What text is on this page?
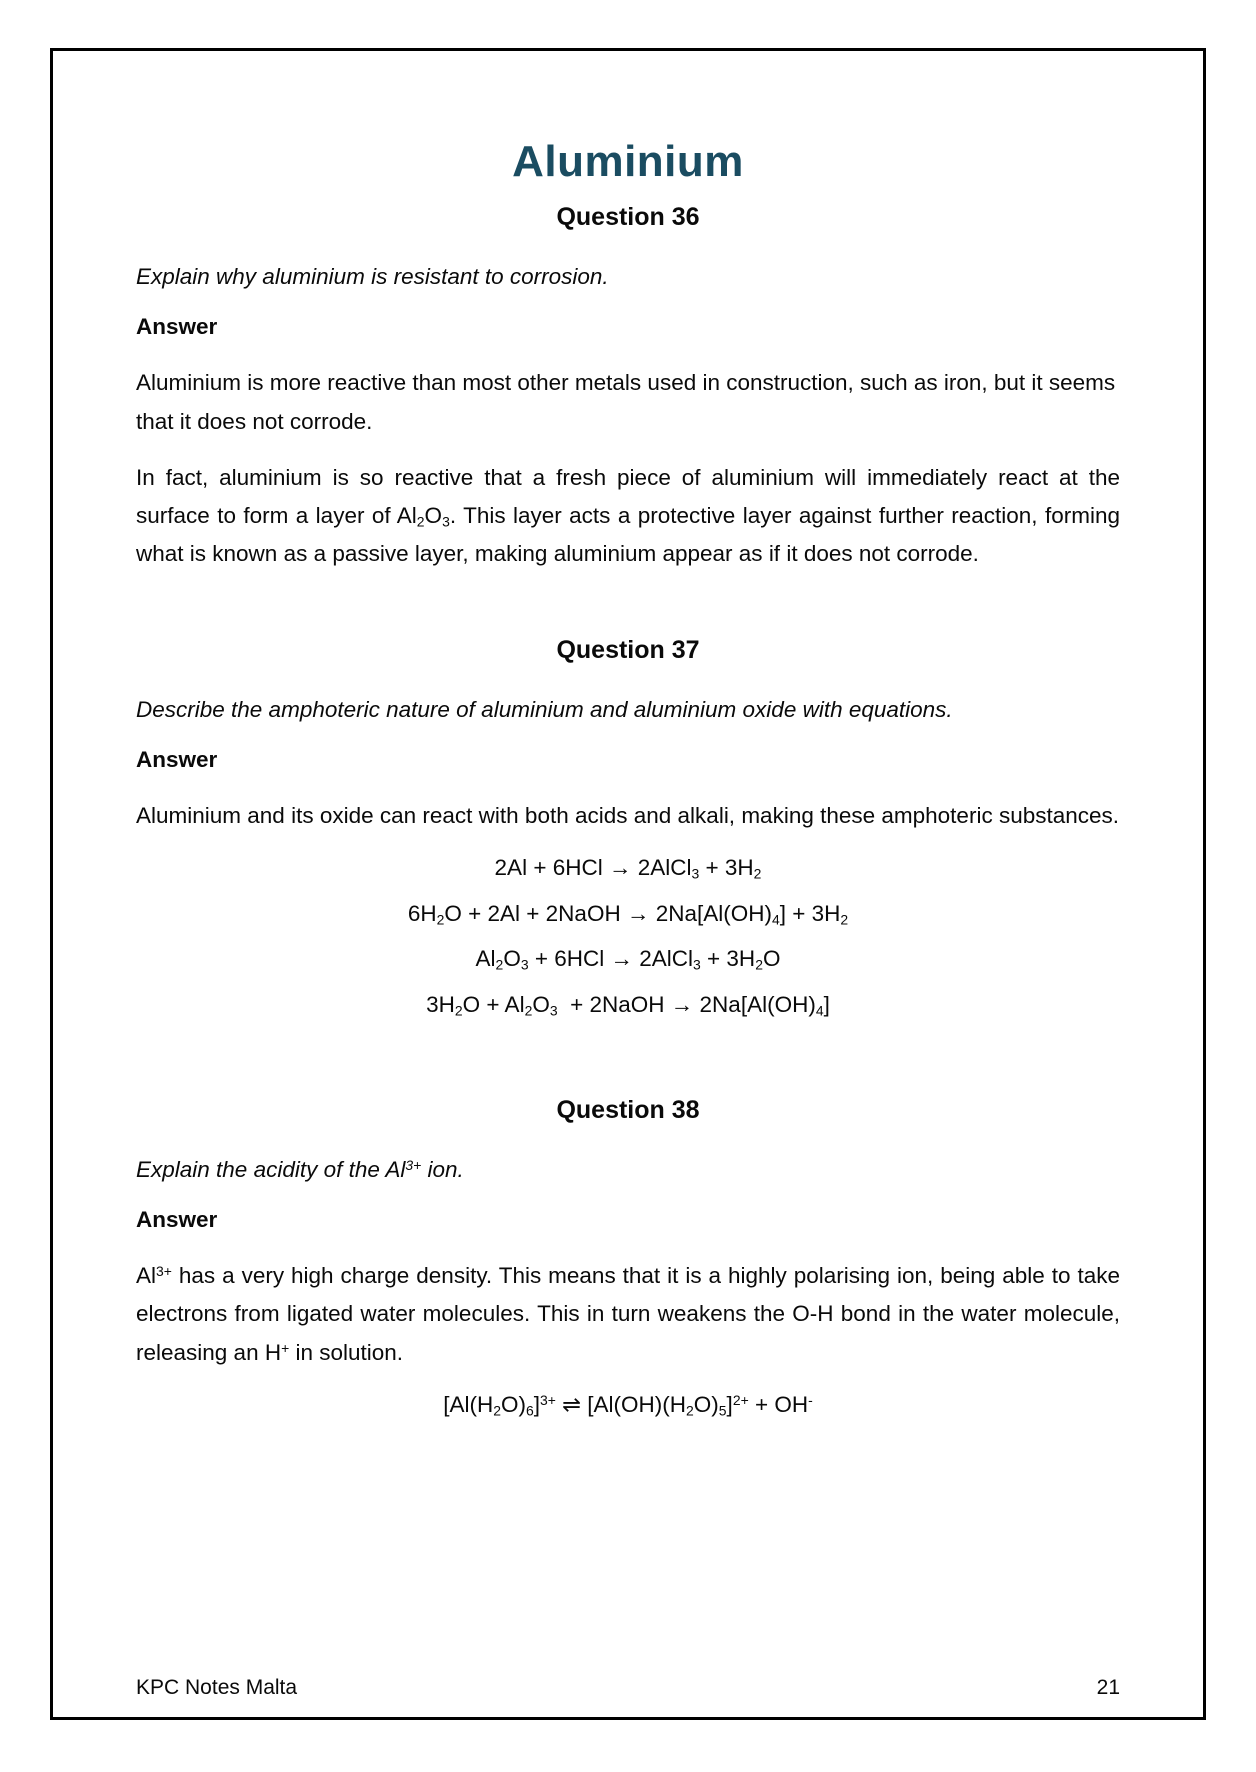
Aluminium
Question 36

Explain why aluminium is resistant to corrosion.

Answer

Aluminium is more reactive than most other metals used in construction, such as iron, but it seems that it does not corrode.

In fact, aluminium is so reactive that a fresh piece of aluminium will immediately react at the surface to form a layer of $Al_2O_3$. This layer acts a protective layer against further reaction, forming what is known as a passive layer, making aluminium appear as if it does not corrode.

Question 37

Describe the amphoteric nature of aluminium and aluminium oxide with equations.

Answer

Aluminium and its oxide can react with both acids and alkali, making these amphoteric substances.

2Al + 6HCl → 2AlCl$_3$ + $3H_2$
$6H_2O + 2Al$ + 2NaOH → $2Na[Al(OH)_4] + 3H_2$
$Al_2O_3 + 6HCl$ → 2AlCl$_3$ + $3H_2O$
$3H_2O + Al_2O_3$  + 2NaOH → $2Na[Al(OH)_4]$
Question 38

Explain the acidity of the $Al^{3+}$ ion.

Answer

$Al^{3+}$ has a very high charge density. This means that it is a highly polarising ion, being able to take electrons from ligated water molecules. This in turn weakens the O-H bond in the water molecule, releasing an H+ in solution.

$[Al(H_2O)_6]^{3+}$ ⇌ $[Al(OH)(H_2O)_5]^{2+} + OH^-$
KPC Notes Malta	21
